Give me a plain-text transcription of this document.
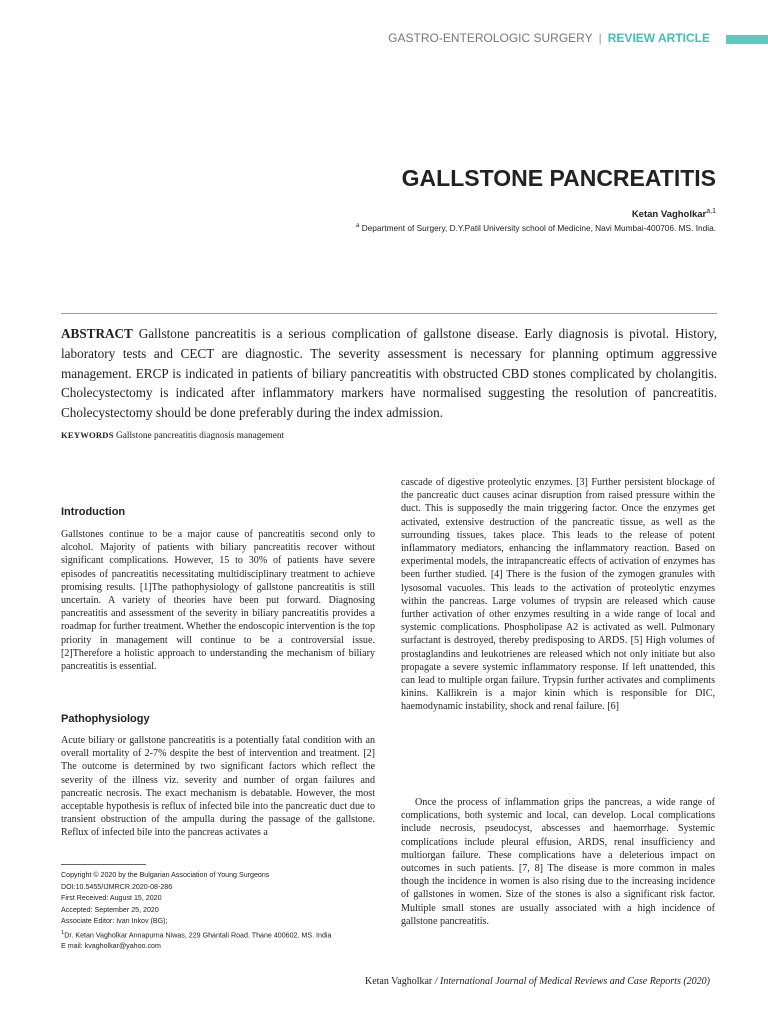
GASTRO-ENTEROLOGIC SURGERY | REVIEW ARTICLE
GALLSTONE PANCREATITIS
Ketan Vagholkar$^{a,1}$
$^a$ Department of Surgery, D.Y.Patil University school of Medicine, Navi Mumbai-400706. MS. India.

ABSTRACT Gallstone pancreatitis is a serious complication of gallstone disease. Early diagnosis is pivotal. History, laboratory tests and CECT are diagnostic. The severity assessment is necessary for planning optimum aggressive management. ERCP is indicated in patients of biliary pancreatitis with obstructed CBD stones complicated by cholangitis. Cholecystectomy is indicated after inflammatory markers have normalised suggesting the resolution of pancreatitis. Cholecystectomy should be done preferably during the index admission.

KEYWORDS Gallstone pancreatitis diagnosis management
Introduction

Gallstones continue to be a major cause of pancreatitis second only to alcohol. Majority of patients with biliary pancreatitis recover without significant complications. However, 15 to 30% of patients have severe episodes of pancreatitis necessitating multidisciplinary treatment to achieve promising results. [1]The pathophysiology of gallstone pancreatitis is still uncertain. A variety of theories have been put forward. Diagnosing pancreatitis and assessment of the severity in biliary pancreatitis provides a roadmap for further treatment. Whether the endoscopic intervention is the top priority in management will continue to be a controversial issue. [2]Therefore a holistic approach to understanding the mechanism of biliary pancreatitis is essential.

Pathophysiology

Acute biliary or gallstone pancreatitis is a potentially fatal condition with an overall mortality of 2-7% despite the best of intervention and treatment. [2] The outcome is determined by two significant factors which reflect the severity of the illness viz. severity and number of organ failures and pancreatic necrosis. The exact mechanism is debatable. However, the most acceptable hypothesis is reflux of infected bile into the pancreatic duct due to transient obstruction of the ampulla during the passage of the gallstone. Reflux of infected bile into the pancreas activates a

cascade of digestive proteolytic enzymes. [3] Further persistent blockage of the pancreatic duct causes acinar disruption from raised pressure within the duct. This is supposedly the main triggering factor. Once the enzymes get activated, extensive destruction of the pancreatic tissue, as well as the surrounding tissues, takes place. This leads to the release of potent inflammatory mediators, enhancing the inflammatory reaction. Based on experimental models, the intrapancreatic effects of activation of enzymes has been further studied. [4] There is the fusion of the zymogen granules with lysosomal vacuoles. This leads to the activation of proteolytic enzymes within the pancreas. Large volumes of trypsin are released which cause further activation of other enzymes resulting in a wide range of local and systemic complications. Phospholipase A2 is activated as well. Pulmonary surfactant is destroyed, thereby predisposing to ARDS. [5] High volumes of prostaglandins and leukotrienes are released which not only initiate but also propagate a severe systemic inflammatory response. If left unattended, this can lead to multiple organ failure. Trypsin further activates and compliments kinins. Kallikrein is a major kinin which is responsible for DIC, haemodynamic instability, shock and renal failure. [6]

Once the process of inflammation grips the pancreas, a wide range of complications, both systemic and local, can develop. Local complications include necrosis, pseudocyst, abscesses and haemorrhage. Systemic complications include pleural effusion, ARDS, renal insufficiency and multiorgan failure. These complications have a deleterious impact on outcomes in such patients. [7, 8] The disease is more common in males though the incidence in women is also rising due to the increasing incidence of gallstones in women. Size of the stones is also a significant risk factor. Multiple small stones are usually associated with a high incidence of gallstone pancreatitis.

Copyright © 2020 by the Bulgarian Association of Young Surgeons
DOI:10.5455/IJMRCR.2020-08-286
First Received: August 15, 2020
Accepted: September 25, 2020
Associate Editor: Ivan Inkov (BG);
$^1$Dr. Ketan Vagholkar Annapurna Niwas, 229 Ghantali Road. Thane 400602. MS. India
E mail: kvagholkar@yahoo.com
Ketan Vagholkar / International Journal of Medical Reviews and Case Reports (2020)
